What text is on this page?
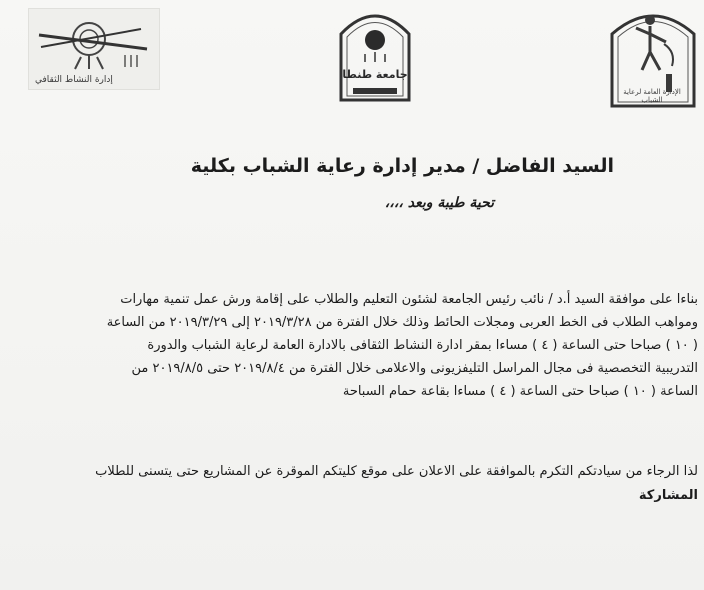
إدارة النشاط الثقافي	جامعة طنطا
الإدارة العامة لرعاية الشباب
السيد الفاضل / مدير إدارة رعاية الشباب بكلية
تحية طيبة وبعد ،،،،
بناءا على موافقة السيد أ.د / نائب رئيس الجامعة لشئون التعليم والطلاب على إقامة ورش عمل تنمية مهارات
ومواهب الطلاب فى الخط العربى ومجلات الحائط وذلك خلال الفترة من ٢٠١٩/٣/٢٨ إلى ٢٠١٩/٣/٢٩ من الساعة
( ١٠ ) صباحا حتى الساعة ( ٤ ) مساءا بمقر ادارة النشاط الثقافى بالادارة العامة لرعاية الشباب والدورة
التدريبية التخصصية فى مجال المراسل التليفزيونى والاعلامى خلال الفترة من ٢٠١٩/٨/٤ حتى ٢٠١٩/٨/٥ من
الساعة ( ١٠ ) صباحا حتى الساعة ( ٤ ) مساءا بقاعة حمام السباحة
لذا الرجاء من سيادتكم التكرم بالموافقة على الاعلان على موقع كليتكم الموقرة عن المشاريع حتى يتسنى للطلاب
المشاركة
